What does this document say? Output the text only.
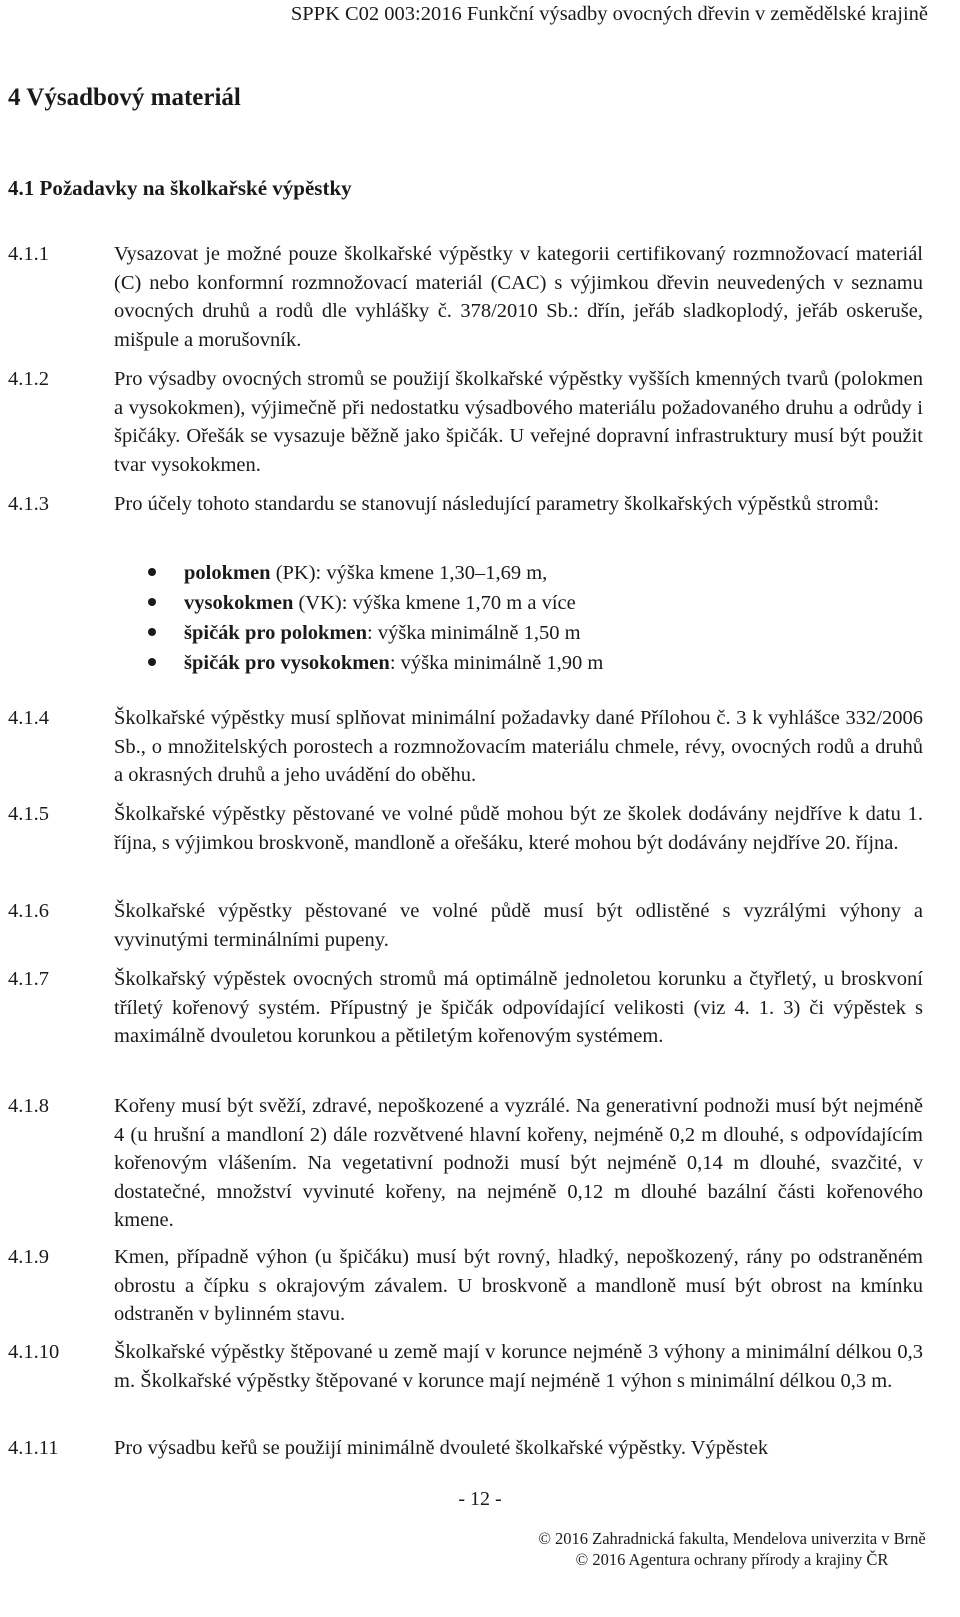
SPPK C02 003:2016 Funkční výsadby ovocných dřevin v zemědělské krajině
4 Výsadbový materiál
4.1 Požadavky na školkařské výpěstky
4.1.1	Vysazovat je možné pouze školkařské výpěstky v kategorii certifikovaný rozmnožovací materiál (C) nebo konformní rozmnožovací materiál (CAC) s výjimkou dřevin neuvedených v seznamu ovocných druhů a rodů dle vyhlášky č. 378/2010 Sb.: dřín, jeřáb sladkoplodý, jeřáb oskeruše, mišpule a morušovník.
4.1.2	Pro výsadby ovocných stromů se použijí školkařské výpěstky vyšších kmenných tvarů (polokmen a vysokokmen), výjimečně při nedostatku výsadbového materiálu požadovaného druhu a odrůdy i špičáky. Ořešák se vysazuje běžně jako špičák. U veřejné dopravní infrastruktury musí být použit tvar vysokokmen.
4.1.3	Pro účely tohoto standardu se stanovují následující parametry školkařských výpěstků stromů:
polokmen (PK): výška kmene 1,30–1,69 m,
vysokokmen (VK): výška kmene 1,70 m a více
špičák pro polokmen: výška minimálně 1,50 m
špičák pro vysokokmen: výška minimálně 1,90 m
4.1.4	Školkařské výpěstky musí splňovat minimální požadavky dané Přílohou č. 3 k vyhlášce 332/2006 Sb., o množitelských porostech a rozmnožovacím materiálu chmele, révy, ovocných rodů a druhů a okrasných druhů a jeho uvádění do oběhu.
4.1.5	Školkařské výpěstky pěstované ve volné půdě mohou být ze školek dodávány nejdříve k datu 1. října, s výjimkou broskvoně, mandloně a ořešáku, které mohou být dodávány nejdříve 20. října.
4.1.6	Školkařské výpěstky pěstované ve volné půdě musí být odlistěné s vyzrálými výhony a vyvinutými terminálními pupeny.
4.1.7	Školkařský výpěstek ovocných stromů má optimálně jednoletou korunku a čtyřletý, u broskvoní tříletý kořenový systém. Přípustný je špičák odpovídající velikosti (viz 4. 1. 3) či výpěstek s maximálně dvouletou korunkou a pětiletým kořenovým systémem.
4.1.8	Kořeny musí být svěží, zdravé, nepoškozené a vyzrálé. Na generativní podnoži musí být nejméně 4 (u hrušní a mandloní 2) dále rozvětvené hlavní kořeny, nejméně 0,2 m dlouhé, s odpovídajícím kořenovým vlášením. Na vegetativní podnoži musí být nejméně 0,14 m dlouhé, svazčité, v dostatečné, množství vyvinuté kořeny, na nejméně 0,12 m dlouhé bazální části kořenového kmene.
4.1.9	Kmen, případně výhon (u špičáku) musí být rovný, hladký, nepoškozený, rány po odstraněném obrostu a čípku s okrajovým závalem. U broskvoně a mandloně musí být obrost na kmínku odstraněn v bylinném stavu.
4.1.10	Školkařské výpěstky štěpované u země mají v korunce nejméně 3 výhony a minimální délkou 0,3 m. Školkařské výpěstky štěpované v korunce mají nejméně 1 výhon s minimální délkou 0,3 m.
4.1.11	Pro výsadbu keřů se použijí minimálně dvouleté školkařské výpěstky. Výpěstek
- 12 -
© 2016 Zahradnická fakulta, Mendelova univerzita v Brně
© 2016 Agentura ochrany přírody a krajiny ČR
